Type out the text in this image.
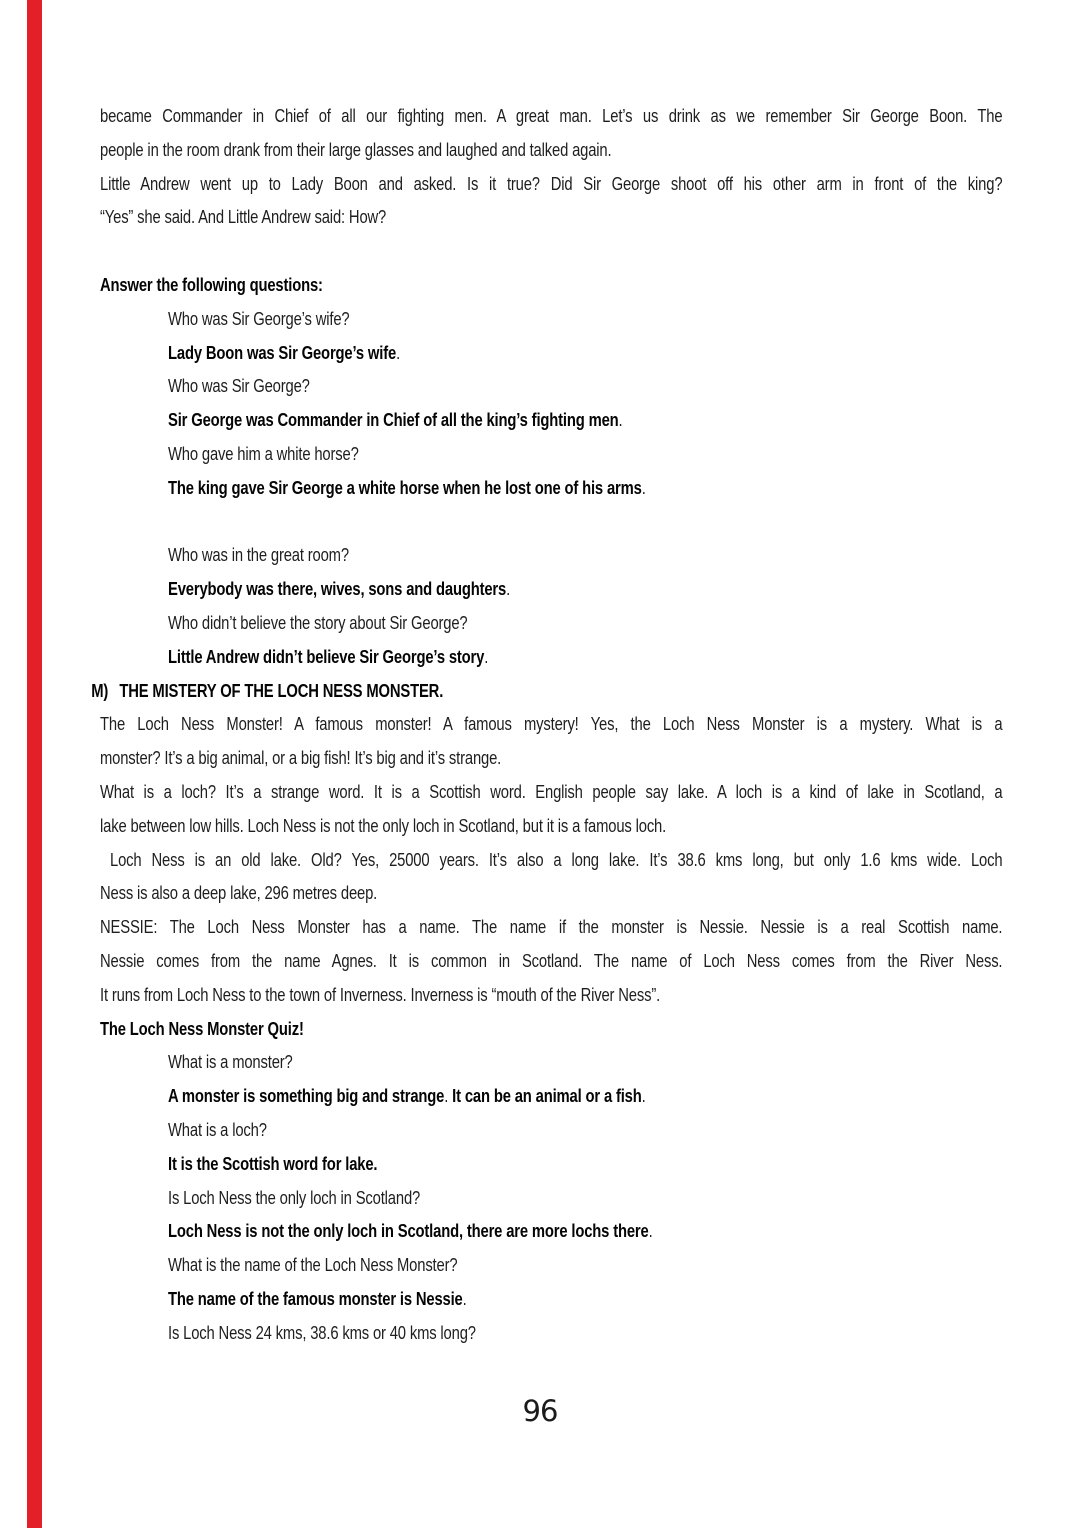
became Commander in Chief of all our fighting men. A great man. Let’s us drink as we remember Sir George Boon. The
people in the room drank from their large glasses and laughed and talked again.
Little Andrew went up to Lady Boon and asked. Is it true? Did Sir George shoot off his other arm in front of the king?
“Yes” she said. And Little Andrew said: How?
Answer the following questions:
Who was Sir George’s wife?
Lady Boon was Sir George’s wife.
Who was Sir George?
Sir George was Commander in Chief of all the king’s fighting men.
Who gave him a white horse?
The king gave Sir George a white horse when he lost one of his arms.
Who was in the great room?
Everybody was there, wives, sons and daughters.
Who didn’t believe the story about Sir George?
Little Andrew didn’t believe Sir George’s story.
M) THE MISTERY OF THE LOCH NESS MONSTER.
The Loch Ness Monster! A famous monster! A famous mystery! Yes, the Loch Ness Monster is a mystery. What is a
monster? It’s a big animal, or a big fish! It’s big and it’s strange.
What is a loch? It’s a strange word. It is a Scottish word. English people say lake. A loch is a kind of lake in Scotland, a
lake between low hills. Loch Ness is not the only loch in Scotland, but it is a famous loch.
Loch Ness is an old lake. Old? Yes, 25000 years. It’s also a long lake. It’s 38.6 kms long, but only 1.6 kms wide. Loch
Ness is also a deep lake, 296 metres deep.
NESSIE: The Loch Ness Monster has a name. The name if the monster is Nessie. Nessie is a real Scottish name.
Nessie comes from the name Agnes. It is common in Scotland. The name of Loch Ness comes from the River Ness.
It runs from Loch Ness to the town of Inverness. Inverness is “mouth of the River Ness”.
The Loch Ness Monster Quiz!
What is a monster?
A monster is something big and strange. It can be an animal or a fish.
What is a loch?
It is the Scottish word for lake.
Is Loch Ness the only loch in Scotland?
Loch Ness is not the only loch in Scotland, there are more lochs there.
What is the name of the Loch Ness Monster?
The name of the famous monster is Nessie.
Is Loch Ness 24 kms, 38.6 kms or 40 kms long?
96
